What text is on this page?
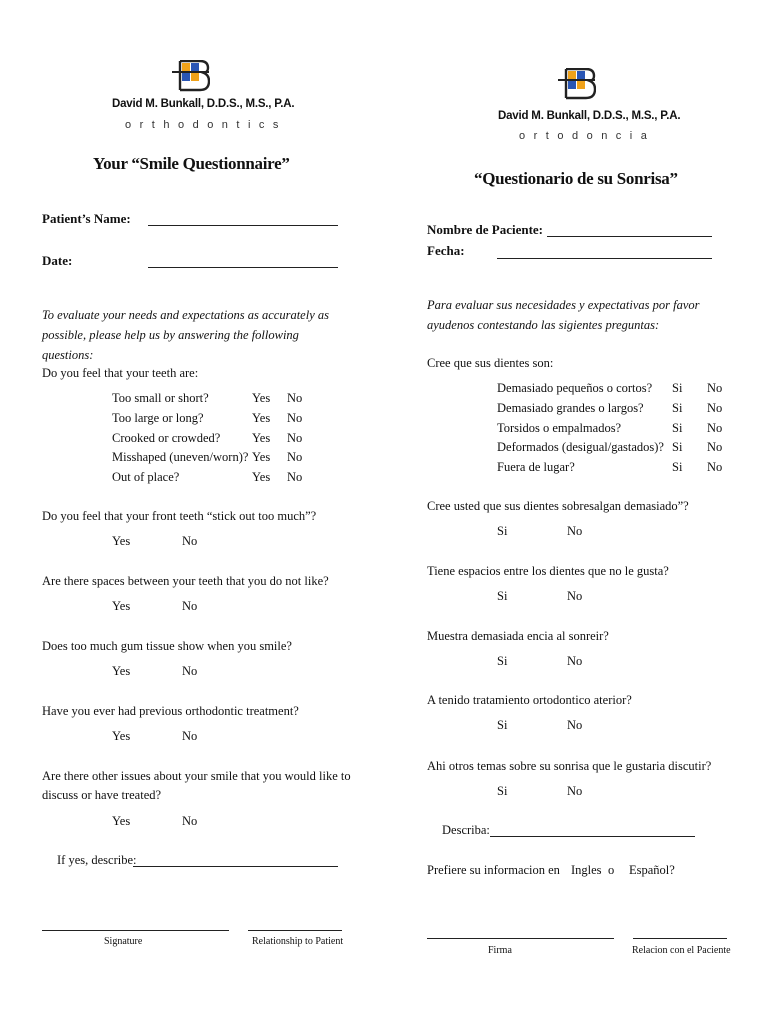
David M. Bunkall, D.D.S., M.S., P.A.
orthodontics
Your “Smile Questionnaire”
Patient’s Name:
Date:
To evaluate your needs and expectations as accurately as possible, please help us by answering the following questions:
Do you feel that your teeth are:
Too small or short?	Yes No
Too large or long?	Yes No
Crooked or crowded?	Yes No
Misshaped (uneven/worn)? Yes No
Out of place?	Yes No
Do you feel that your front teeth “stick out too much”?
Yes	No
Are there spaces between your teeth that you do not like?
Yes	No
Does too much gum tissue show when you smile?
Yes	No
Have you ever had previous orthodontic treatment?
Yes	No
Are there other issues about your smile that you would like to
discuss or have treated?
Yes	No
If yes, describe:
Signature	Relationship to Patient
David M. Bunkall, D.D.S., M.S., P.A.
ortodoncia
“Questionario de su Sonrisa”
Nombre de Paciente:
Fecha:
Para evaluar sus necesidades y expectativas por favor ayudenos contestando las sigientes preguntas:
Cree que sus dientes son:
Demasiado pequeños o cortos? Si No
Demasiado grandes o largos? Si No
Torsidos o empalmados?	Si No
Deformados (desigual/gastados)? Si No
Fuera de lugar?	Si No
Cree usted que sus dientes sobresalgan demasiado”?
Si	No
Tiene espacios entre los dientes que no le gusta?
Si	No
Muestra demasiada encia al sonreir?
Si	No
A tenido tratamiento ortodontico aterior?
Si	No
Ahi otros temas sobre su sonrisa que le gustaria discutir?
Si	No
Describa:
Prefiere su informacion en Ingles o Español?
Firma	Relacion con el Paciente
